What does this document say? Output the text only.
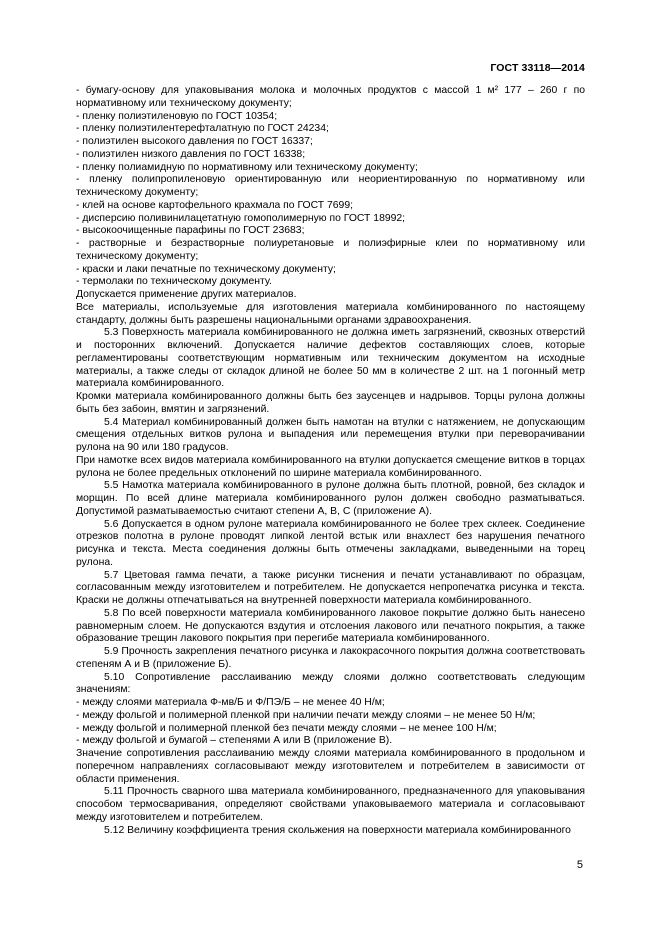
ГОСТ 33118—2014

- бумагу-основу для упаковывания молока и молочных продуктов с массой 1 м² 177 – 260 г по нормативному или техническому документу;

- пленку полиэтиленовую по ГОСТ 10354;

- пленку полиэтилентерефталатную по ГОСТ 24234;

- полиэтилен высокого давления по ГОСТ 16337;

- полиэтилен низкого давления по ГОСТ 16338;

- пленку полиамидную по нормативному или техническому документу;

- пленку полипропиленовую ориентированную или неориентированную по нормативному или техническому документу;

- клей на основе картофельного крахмала по ГОСТ 7699;

- дисперсию поливинилацетатную гомополимерную по ГОСТ 18992;

- высокоочищенные парафины по ГОСТ 23683;

- растворные и безрастворные полиуретановые и полиэфирные клеи по нормативному или техническому документу;

- краски и лаки печатные по техническому документу;

- термолаки по техническому документу.

Допускается применение других материалов.

Все материалы, используемые для изготовления материала комбинированного по настоящему стандарту, должны быть разрешены национальными органами здравоохранения.

5.3 Поверхность материала комбинированного не должна иметь загрязнений, сквозных отверстий и посторонних включений. Допускается наличие дефектов составляющих слоев, которые регламентированы соответствующим нормативным или техническим документом на исходные материалы, а также следы от складок длиной не более 50 мм в количестве 2 шт. на 1 погонный метр материала комбинированного.

Кромки материала комбинированного должны быть без заусенцев и надрывов. Торцы рулона должны быть без забоин, вмятин и загрязнений.

5.4 Материал комбинированный должен быть намотан на втулки с натяжением, не допускающим смещения отдельных витков рулона и выпадения или перемещения втулки при переворачивании рулона на 90 или 180 градусов.

При намотке всех видов материала комбинированного на втулки допускается смещение витков в торцах рулона не более предельных отклонений по ширине материала комбинированного.

5.5 Намотка материала комбинированного в рулоне должна быть плотной, ровной, без складок и морщин. По всей длине материала комбинированного рулон должен свободно разматываться. Допустимой разматываемостью считают степени А, В, С (приложение А).

5.6 Допускается в одном рулоне материала комбинированного не более трех склеек. Соединение отрезков полотна в рулоне проводят липкой лентой встык или внахлест без нарушения печатного рисунка и текста. Места соединения должны быть отмечены закладками, выведенными на торец рулона.

5.7 Цветовая гамма печати, а также рисунки тиснения и печати устанавливают по образцам, согласованным между изготовителем и потребителем. Не допускается непропечатка рисунка и текста. Краски не должны отпечатываться на внутренней поверхности материала комбинированного.

5.8 По всей поверхности материала комбинированного лаковое покрытие должно быть нанесено равномерным слоем. Не допускаются вздутия и отслоения лакового или печатного покрытия, а также образование трещин лакового покрытия при перегибе материала комбинированного.

5.9 Прочность закрепления печатного рисунка и лакокрасочного покрытия должна соответствовать степеням А и В (приложение Б).

5.10 Сопротивление расслаиванию между слоями должно соответствовать следующим значениям:

- между слоями материала Ф-мв/Б и Ф/ПЭ/Б – не менее 40 Н/м;

- между фольгой и полимерной пленкой при наличии печати между слоями – не менее 50 Н/м;

- между фольгой и полимерной пленкой без печати между слоями – не менее 100 Н/м;

- между фольгой и бумагой – степенями А или В (приложение В).

Значение сопротивления расслаиванию между слоями материала комбинированного в продольном и поперечном направлениях согласовывают между изготовителем и потребителем в зависимости от области применения.

5.11 Прочность сварного шва материала комбинированного, предназначенного для упаковывания способом термосваривания, определяют свойствами упаковываемого материала и согласовывают между изготовителем и потребителем.

5.12 Величину коэффициента трения скольжения на поверхности материала комбинированного

5
